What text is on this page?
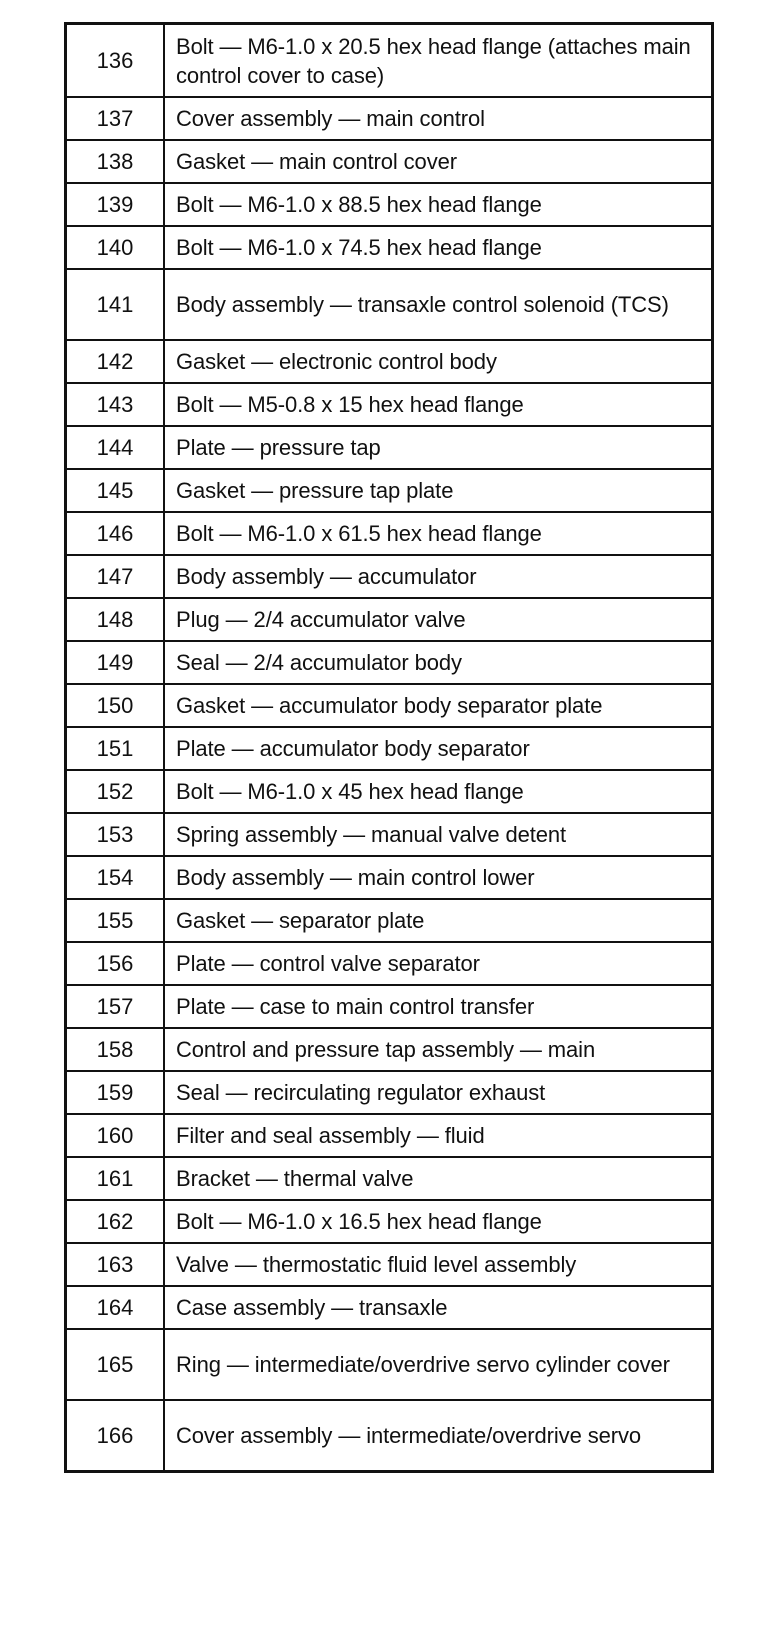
136	Bolt — M6-1.0 x 20.5 hex head flange (attaches main control cover to case)
137	Cover assembly — main control
138	Gasket — main control cover
139	Bolt — M6-1.0 x 88.5 hex head flange
140	Bolt — M6-1.0 x 74.5 hex head flange
141	Body assembly — transaxle control solenoid (TCS)
142	Gasket — electronic control body
143	Bolt — M5-0.8 x 15 hex head flange
144	Plate — pressure tap
145	Gasket — pressure tap plate
146	Bolt — M6-1.0 x 61.5 hex head flange
147	Body assembly — accumulator
148	Plug — 2/4 accumulator valve
149	Seal — 2/4 accumulator body
150	Gasket — accumulator body separator plate
151	Plate — accumulator body separator
152	Bolt — M6-1.0 x 45 hex head flange
153	Spring assembly — manual valve detent
154	Body assembly — main control lower
155	Gasket — separator plate
156	Plate — control valve separator
157	Plate — case to main control transfer
158	Control and pressure tap assembly — main
159	Seal — recirculating regulator exhaust
160	Filter and seal assembly — fluid
161	Bracket — thermal valve
162	Bolt — M6-1.0 x 16.5 hex head flange
163	Valve — thermostatic fluid level assembly
164	Case assembly — transaxle
165	Ring — intermediate/overdrive servo cylinder cover
166	Cover assembly — intermediate/overdrive servo
